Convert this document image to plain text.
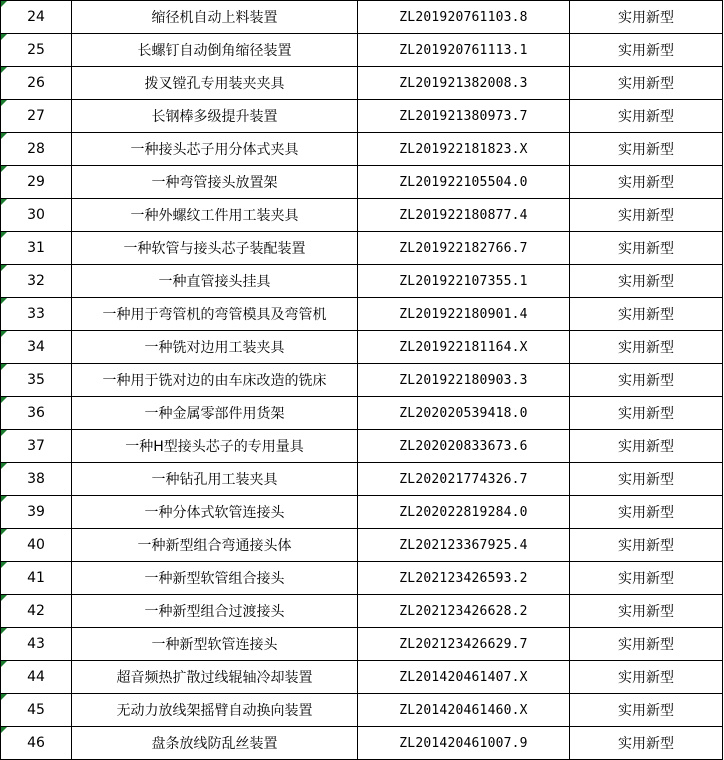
24	缩径机自动上料装置	ZL201920761103.8	实用新型
25	长螺钉自动倒角缩径装置	ZL201920761113.1	实用新型
26	拨叉镗孔专用装夹夹具	ZL201921382008.3	实用新型
27	长钢棒多级提升装置	ZL201921380973.7	实用新型
28	一种接头芯子用分体式夹具	ZL201922181823.X	实用新型
29	一种弯管接头放置架	ZL201922105504.0	实用新型
30	一种外螺纹工件用工装夹具	ZL201922180877.4	实用新型
31	一种软管与接头芯子装配装置	ZL201922182766.7	实用新型
32	一种直管接头挂具	ZL201922107355.1	实用新型
33	一种用于弯管机的弯管模具及弯管机	ZL201922180901.4	实用新型
34	一种铣对边用工装夹具	ZL201922181164.X	实用新型
35	一种用于铣对边的由车床改造的铣床	ZL201922180903.3	实用新型
36	一种金属零部件用货架	ZL202020539418.0	实用新型
37	一种H型接头芯子的专用量具	ZL202020833673.6	实用新型
38	一种钻孔用工装夹具	ZL202021774326.7	实用新型
39	一种分体式软管连接头	ZL202022819284.0	实用新型
40	一种新型组合弯通接头体	ZL202123367925.4	实用新型
41	一种新型软管组合接头	ZL202123426593.2	实用新型
42	一种新型组合过渡接头	ZL202123426628.2	实用新型
43	一种新型软管连接头	ZL202123426629.7	实用新型
44	超音频热扩散过线辊轴冷却装置	ZL201420461407.X	实用新型
45	无动力放线架摇臂自动换向装置	ZL201420461460.X	实用新型
46	盘条放线防乱丝装置	ZL201420461007.9	实用新型
